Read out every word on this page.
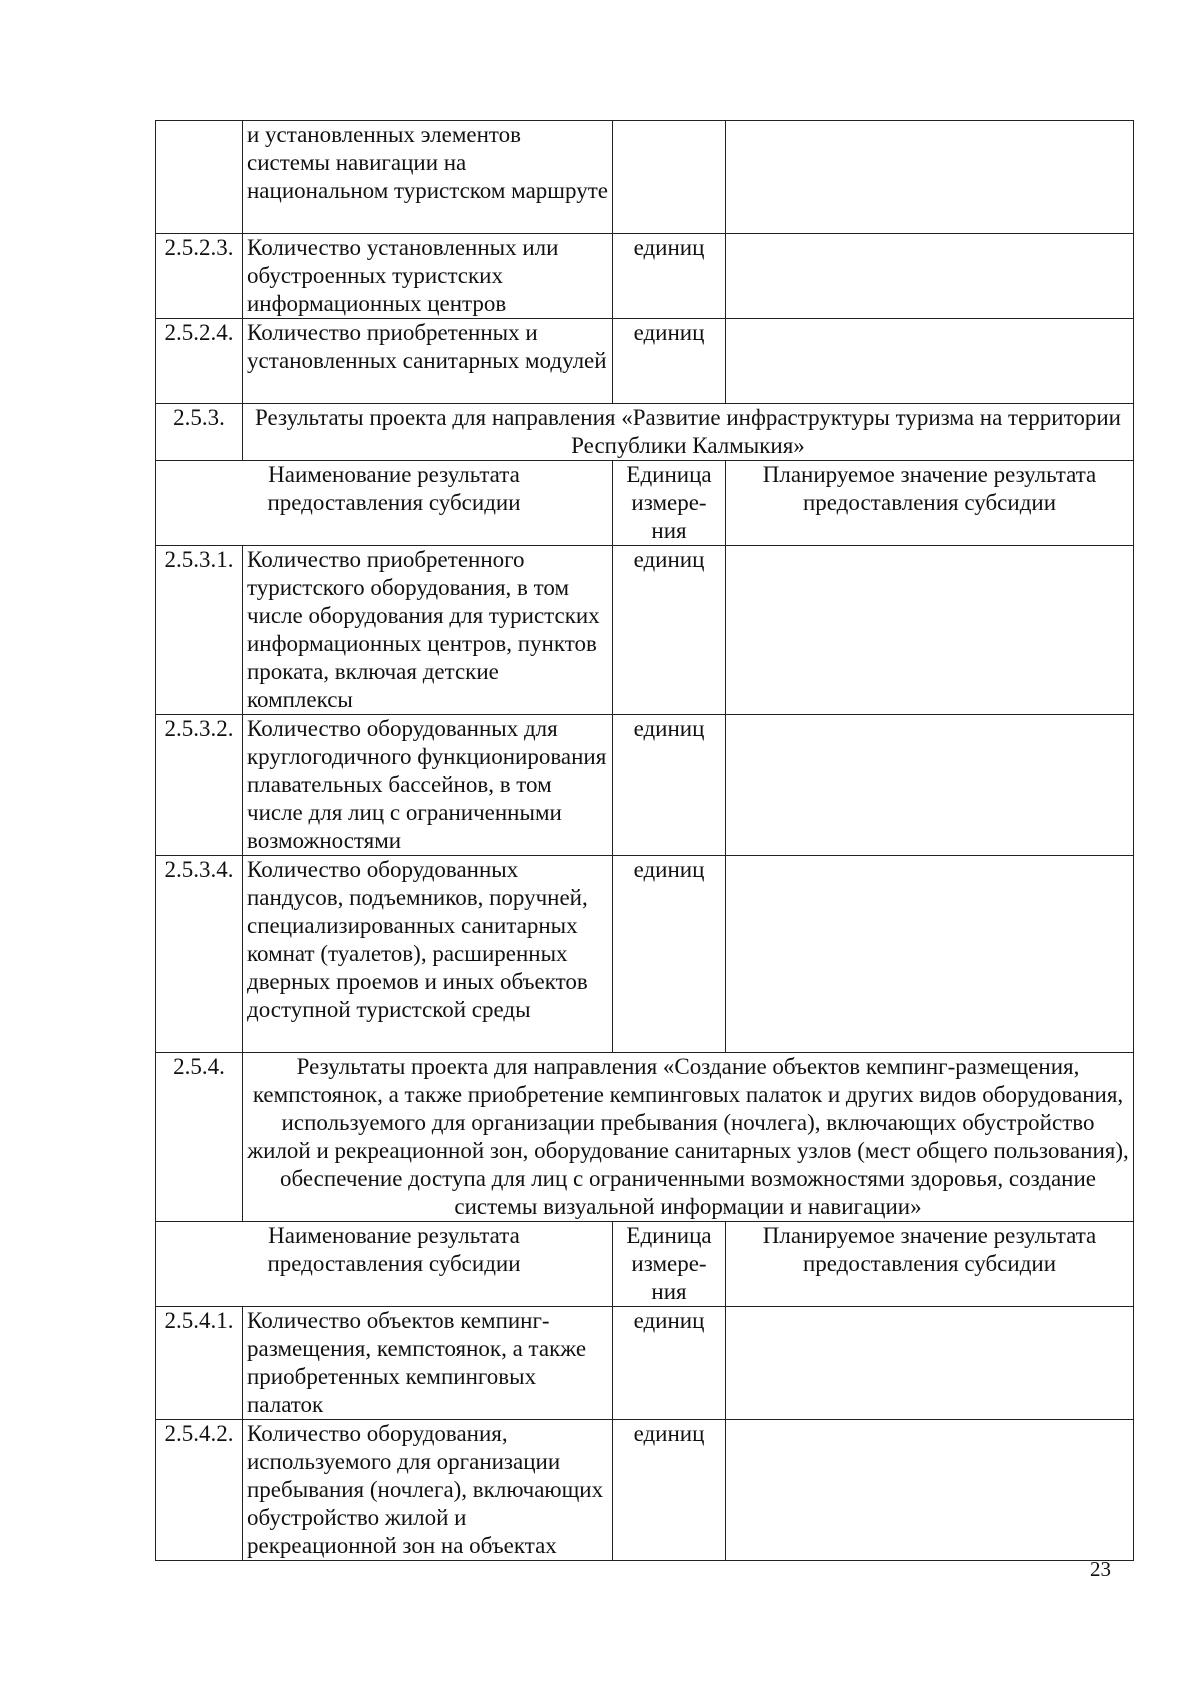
	и установленных элементов системы навигации на национальном туристском маршруте		
2.5.2.3.	Количество установленных или обустроенных туристских информационных центров	единиц	
2.5.2.4.	Количество приобретенных и установленных санитарных модулей	единиц	
2.5.3.	Результаты проекта для направления «Развитие инфраструктуры туризма на территории Республики Калмыкия»		
Наименование результата предоставления субсидии		Единица измере-ния	Планируемое значение результата предоставления субсидии
2.5.3.1.	Количество приобретенного туристского оборудования, в том числе оборудования для туристских информационных центров, пунктов проката, включая детские комплексы	единиц	
2.5.3.2.	Количество оборудованных для круглогодичного функционирования плавательных бассейнов, в том числе для лиц с ограниченными возможностями	единиц	
2.5.3.4.	Количество оборудованных пандусов, подъемников, поручней, специализированных санитарных комнат (туалетов), расширенных дверных проемов и иных объектов доступной туристской среды	единиц	
2.5.4.	Результаты проекта для направления «Создание объектов кемпинг-размещения, кемпстоянок, а также приобретение кемпинговых палаток и других видов оборудования, используемого для организации пребывания (ночлега), включающих обустройство жилой и рекреационной зон, оборудование санитарных узлов (мест общего пользования), обеспечение доступа для лиц с ограниченными возможностями здоровья, создание системы визуальной информации и навигации»		
Наименование результата предоставления субсидии		Единица измере-ния	Планируемое значение результата предоставления субсидии
2.5.4.1.	Количество объектов кемпинг-размещения, кемпстоянок, а также приобретенных кемпинговых палаток	единиц	
2.5.4.2.	Количество оборудования, используемого для организации пребывания (ночлега), включающих обустройство жилой и рекреационной зон на объектах	единиц	
23
